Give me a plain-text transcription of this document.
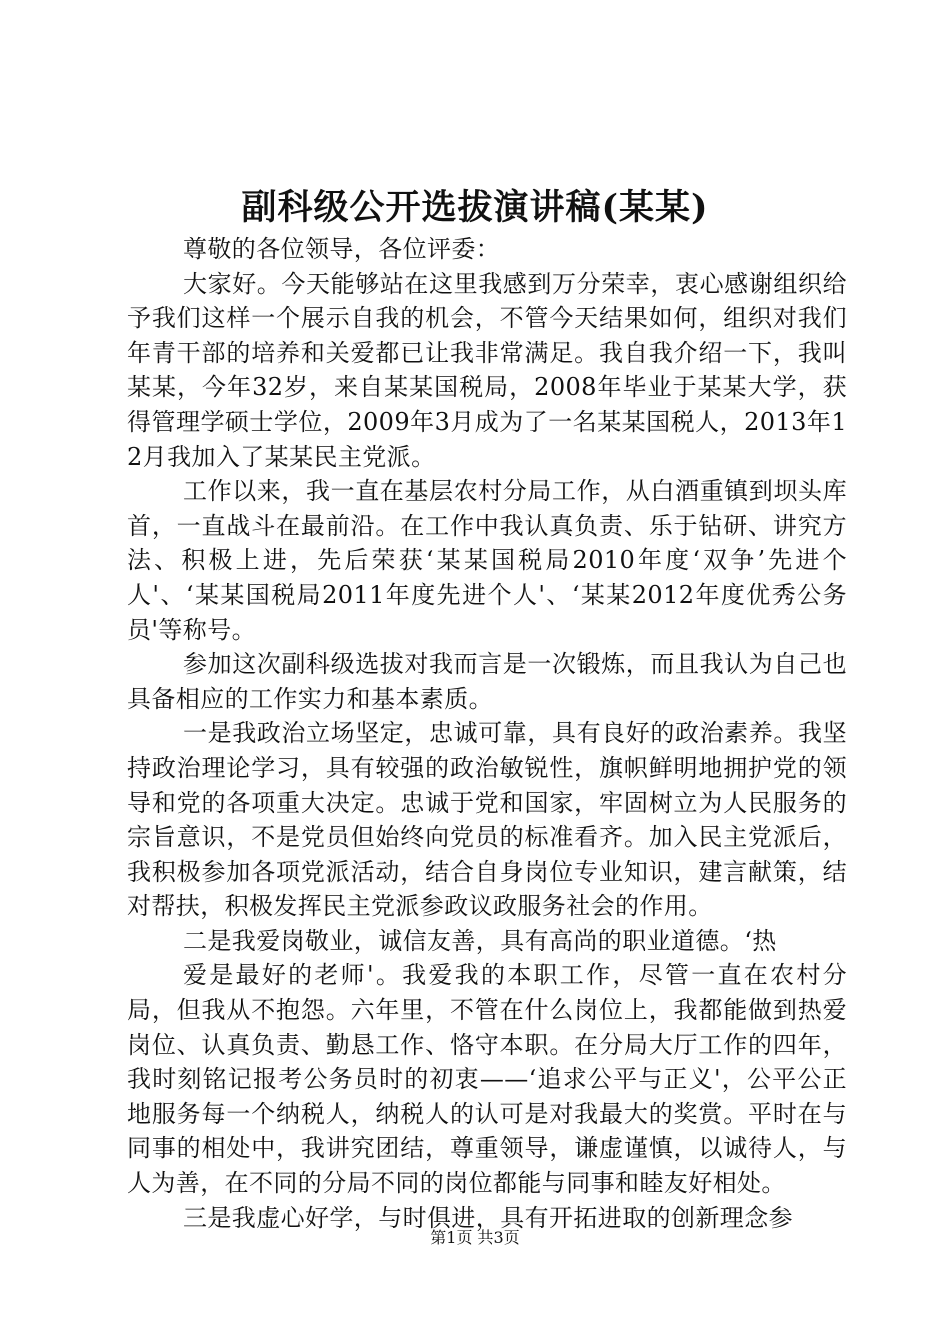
副科级公开选拔演讲稿(某某)

尊敬的各位领导，各位评委：

大家好。今天能够站在这里我感到万分荣幸，衷心感谢组织给予我们这样一个展示自我的机会，不管今天结果如何，组织对我们年青干部的培养和关爱都已让我非常满足。我自我介绍一下，我叫某某，今年32岁，来自某某国税局，2008年毕业于某某大学，获得管理学硕士学位，2009年3月成为了一名某某国税人，2013年12月我加入了某某民主党派。

工作以来，我一直在基层农村分局工作，从白酒重镇到坝头库首，一直战斗在最前沿。在工作中我认真负责、乐于钻研、讲究方法、积极上进，先后荣获‘某某国税局2010年度‘双争’先进个人'、‘某某国税局2011年度先进个人'、‘某某2012年度优秀公务员'等称号。

参加这次副科级选拔对我而言是一次锻炼，而且我认为自己也具备相应的工作实力和基本素质。

一是我政治立场坚定，忠诚可靠，具有良好的政治素养。我坚持政治理论学习，具有较强的政治敏锐性，旗帜鲜明地拥护党的领导和党的各项重大决定。忠诚于党和国家，牢固树立为人民服务的宗旨意识，不是党员但始终向党员的标准看齐。加入民主党派后，我积极参加各项党派活动，结合自身岗位专业知识，建言献策，结对帮扶，积极发挥民主党派参政议政服务社会的作用。

二是我爱岗敬业，诚信友善，具有高尚的职业道德。‘热

爱是最好的老师'。我爱我的本职工作，尽管一直在农村分局，但我从不抱怨。六年里，不管在什么岗位上，我都能做到热爱岗位、认真负责、勤恳工作、恪守本职。在分局大厅工作的四年，我时刻铭记报考公务员时的初衷——‘追求公平与正义'，公平公正地服务每一个纳税人，纳税人的认可是对我最大的奖赏。平时在与同事的相处中，我讲究团结，尊重领导，谦虚谨慎，以诚待人，与人为善，在不同的分局不同的岗位都能与同事和睦友好相处。

三是我虚心好学，与时俱进，具有开拓进取的创新理念参

第1页 共3页
